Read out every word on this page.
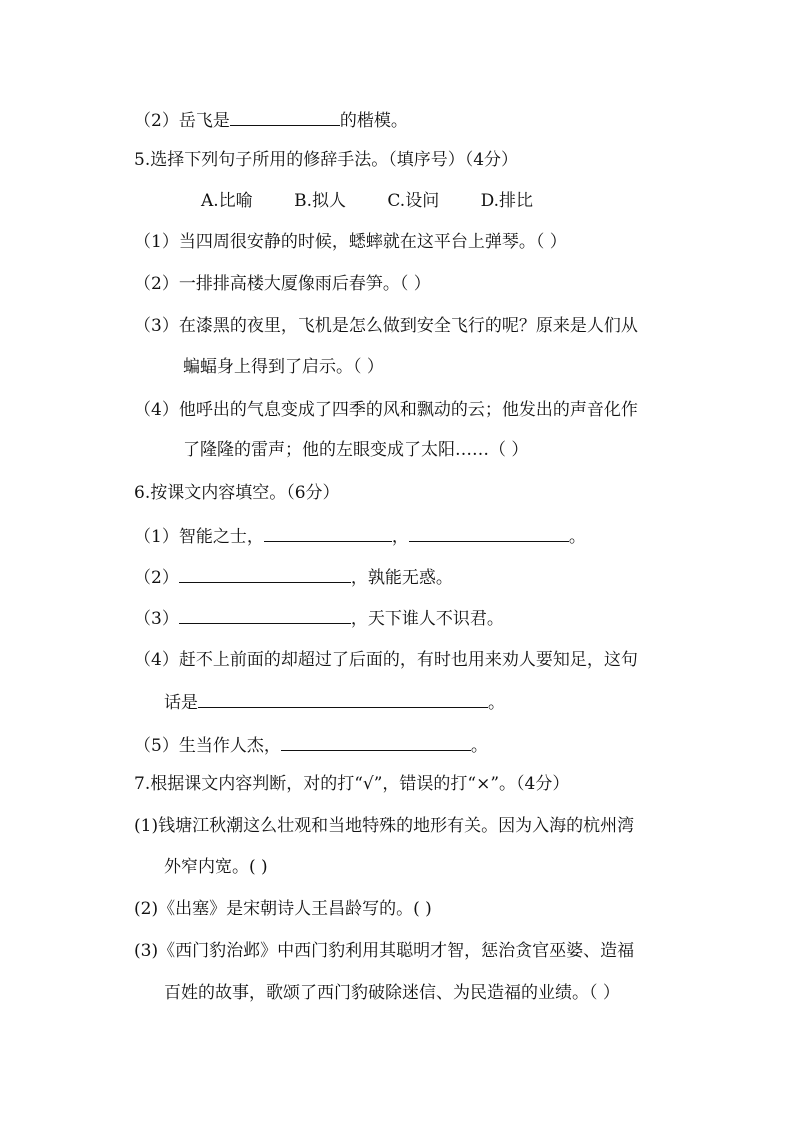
（2）岳飞是	的楷模。
5.选择下列句子所用的修辞手法。（填序号）（4分）
A.比喻 B.拟人 C.设问 D.排比
（1）当四周很安静的时候，蟋蟀就在这平台上弹琴。（ ）
（2）一排排高楼大厦像雨后春笋。（ ）
（3）在漆黑的夜里，飞机是怎么做到安全飞行的呢？原来是人们从
蝙蝠身上得到了启示。（ ）
（4）他呼出的气息变成了四季的风和飘动的云；他发出的声音化作
了隆隆的雷声；他的左眼变成了太阳……（ ）
6.按课文内容填空。（6分）
（1）智能之士，	，	。
（2）	，孰能无惑。
（3）	，天下谁人不识君。
（4）赶不上前面的却超过了后面的，有时也用来劝人要知足，这句
话是	。
（5）生当作人杰，	。
7.根据课文内容判断，对的打“√”，错误的打“×”。（4分）
(1)钱塘江秋潮这么壮观和当地特殊的地形有关。因为入海的杭州湾
外窄内宽。( )
(2)《出塞》是宋朝诗人王昌龄写的。( )
(3)《西门豹治邺》中西门豹利用其聪明才智，惩治贪官巫婆、造福
百姓的故事，歌颂了西门豹破除迷信、为民造福的业绩。（ ）
